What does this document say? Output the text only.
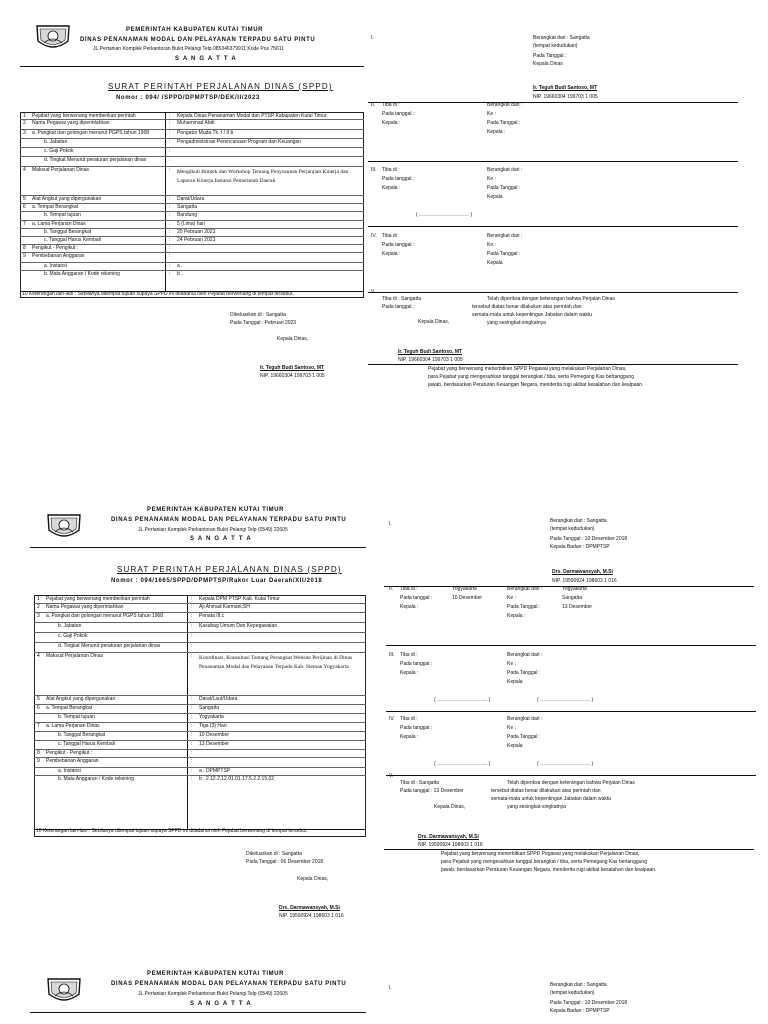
PEMERINTAH KABUPATEN KUTAI TIMUR
DINAS PENANAMAN MODAL DAN PELAYANAN TERPADU SATU PINTU
JL.Pertanian Komplek Perkantoran Bukit Pelangi Telp.085346379911 Kode Pos 75611
S A N G A T T A
I.	Berangkat dari : Sangatta
(tempat kedudukan)
Pada Tanggal :
Kepala Dinas
SURAT PERINTAH PERJALANAN DINAS (SPPD)
Nomor : 094/ /SPPD/DPMPTSP/DEK/II/2023
1 Pejabat yang berwenang memberikan perintah	: Kepala Dinas Penanaman Modal dan PTSP Kabupaten Kutai Timur
2 Nama Pegawai yang diperintahkan	: Muhammad Abdi
3 a. Pangkat dan golongan menurut PGPS tahun 1968	: Pengatur Muda Tk. I / II b
b. Jabatan	: Pengadministrasi Perencanaan Program dan Keuangan
c. Gaji Pokok	:
d. Tingkat Menurut peraturan perjalanan dinas	:
4 Maksud Perjalanan Dinas	: Mengikuti Bimtek dan Workshop Tentang Penyusunan Perjanjian Kinerja dan Laporan Kinerja Instansi Pemerintah Daerah
5 Alat Angkut yang dipergunakan	: Darat/Udara
6 a. Tempat Berangkat	: Sangatta
b. Tempat tujuan	: Bandung
7 a. Lama Perjanan Dinas	: 5 (Lima) hari
b. Tanggal Berangkat	: 20 Pebruari 2023
c. Tanggal Harus Kembali	: 24 Pebruari 2023
8 Pengikut - Pengikut :	:
9 Pembebanan Anggaran	:
a. Instansi	: a .
b. Mata Anggaran / Kode rekening	: b .
10 Keterangan lain-lain : Sebilanya ditempat tujuan supaya SPPD ini ditadahui oleh Pejabat berwenang di tempat tersebut.
Dikeluarkan di : Sangatta
Pada Tanggal : Pebruari 2023
Kepala Dinas,
Ir. Teguh Budi Santoso, MT
NIP. 19660304 199703 1 005
Ir. Teguh Budi Santoso, MT
NIP. 19660304 199703 1 005
II. Tiba di :
Pada tanggal :
Kepala :
Berangkat dari :
Ke :
Pada Tanggal :
Kepala :
III. Tiba di :
Pada tanggal :
Kepala :
Berangkat dari :
Ke :
Pada Tanggal :
Kepala
( ………………………… )
IV. Tiba di :
Pada tanggal :
Kepala :
Berangkat dari :
Ke :
Pada Tanggal :
Kepala
V.
Tiba di : Sangatta
Pada tanggal :
Kepala Dinas,
Telah diperiksa dengan keterangan bahwa Perjalan Dinas
tersebut diatas benar dilakukan atas perintah dan
semata-mata untuk kepentingan Jabatan dalam waktu
yang sesingkat-singkatnya
Ir. Teguh Budi Santoso, MT
NIP. 19660304 199703 1 005
Pejabat yang berwenang menerbitkan SPPD Pegawai yang melakukan Perjalanan Dinas,
para Pejabat yang mengesahkan tanggal berangkat / tiba, serta Pemegang Kas bertanggung
jawab, berdasarkan Peraturan Keuangan Negara, menderita rugi akibat kesalahan dan kealpaan.
PEMERINTAH KABUPATEN KUTAI TIMUR
DINAS PENANAMAN MODAL DAN PELAYANAN TERPADU SATU PINTU
JL.Pertanian Komplek Perkantoran Bukit Pelangi Telp (0549) 22605
S A N G A T T A
I.	Berangkat dari : Sangatta
(tempat kedudukan)
Pada Tanggal : 10 Desember 2018
Kepala Badan : DPMPTSP
SURAT PERINTAH PERJALANAN DINAS (SPPD)
Nomor : 094/1665/SPPD/DPMPTSP/Rakor Luar Daerah/XII/2018
1 Pejabat yang berwenang memberikan perintah	: Kepala DPM PTSP Kab. Kutai Timur
2 Nama Pegawai yang diperintahkan	: Aji Ahmad Karmani,SH
3 a. Pangkat dan golongan menurut PGPS tahun 1968	: Penata III.c
b. Jabatan	: Kasubag Umum Dan Kepegawaian
c. Gaji Pokok	:
d. Tingkat Menurut peraturan perjalanan dinas	:
4 Maksud Perjalanan Dinas	: Koordinasi, Konsultasi Tentang Perangkat Website Perijinan di Dinas Penanaman Modal dan Pelayanan Terpadu Kab. Sleman Yogyakarta
5 Alat Angkut yang dipergunakan	: Darat/Laut/Udara
6 a. Tempat Berangkat	: Sangatta
b. Tempat tujuan	: Yogyakarta
7 a. Lama Perjanan Dinas	: Tiga (3) Hari
b. Tanggal Berangkat	: 10 Desember
c. Tanggal Harus Kembali	: 13 Desember
8 Pengikut - Pengikut :	:
9 Pembebanan Anggaran	:
a. Instansi	: a . DPMPTSP
b. Mata Anggaran / Kode rekening	: b . 2.12.2.12.01.01.17.5.2.2.15.02
10 Keterangan lain-lain : Sebilanya ditempat tujuan supaya SPPD ini ditadahui oleh Pejabat berwenang di tempat tersebut.
Dikeluarkan di : Sangatta
Pada Tanggal : 06 Desember 2018
Kepala Dinas,
Drs. Darmawansyah, M.Si
NIP. 19590924 198603 1 016
Drs. Darmawansyah, M.Si
NIP. 19590924 198603 1 016
II. Tiba di :	Yogyakarta
Pada tanggal :	10 Desember
Kepala :
Berangkat dari :	Yogyakarta
Ke :	Sangatta
Pada Tanggal :	13 Desember
Kepala :
III. Tiba di :
Pada tanggal :
Kepala :
Berangkat dari :
Ke :
Pada Tanggal :
Kepala
( ………………………… )	( ………………………… )
IV. Tiba di :
Pada tanggal :
Kepala :
Berangkat dari :
Ke :
Pada Tanggal :
Kepala
( ………………………… )	( ………………………… )
V.
Tiba di : Sangatta
Pada tanggal : 13 Desember
Kepala Dinas,
Telah diperiksa dengan keterangan bahwa Perjalan Dinas
tersebut diatas benar dilakukan atas perintah dan
semata-mata untuk kepentingan Jabatan dalam waktu
yang sesingkat-singkatnya
Drs. Darmawansyah, M.Si
NIP. 19590924 198603 1 016
Pejabat yang berwenang menerbitkan SPPD Pegawai yang melakukan Perjalanan Dinas,
para Pejabat yang mengesahkan tanggal berangkat / tiba, serta Pemegang Kas bertanggung
jawab, berdasarkan Peraturan Keuangan Negara, menderita rugi akibat kesalahan dan kealpaan.
PEMERINTAH KABUPATEN KUTAI TIMUR
DINAS PENANAMAN MODAL DAN PELAYANAN TERPADU SATU PINTU
JL.Pertanian Komplek Perkantoran Bukit Pelangi Telp (0549) 22605
S A N G A T T A
I.	Berangkat dari : Sangatta
(tempat kedudukan)
Pada Tanggal : 10 Desember 2018
Kepala Badan : DPMPTSP
